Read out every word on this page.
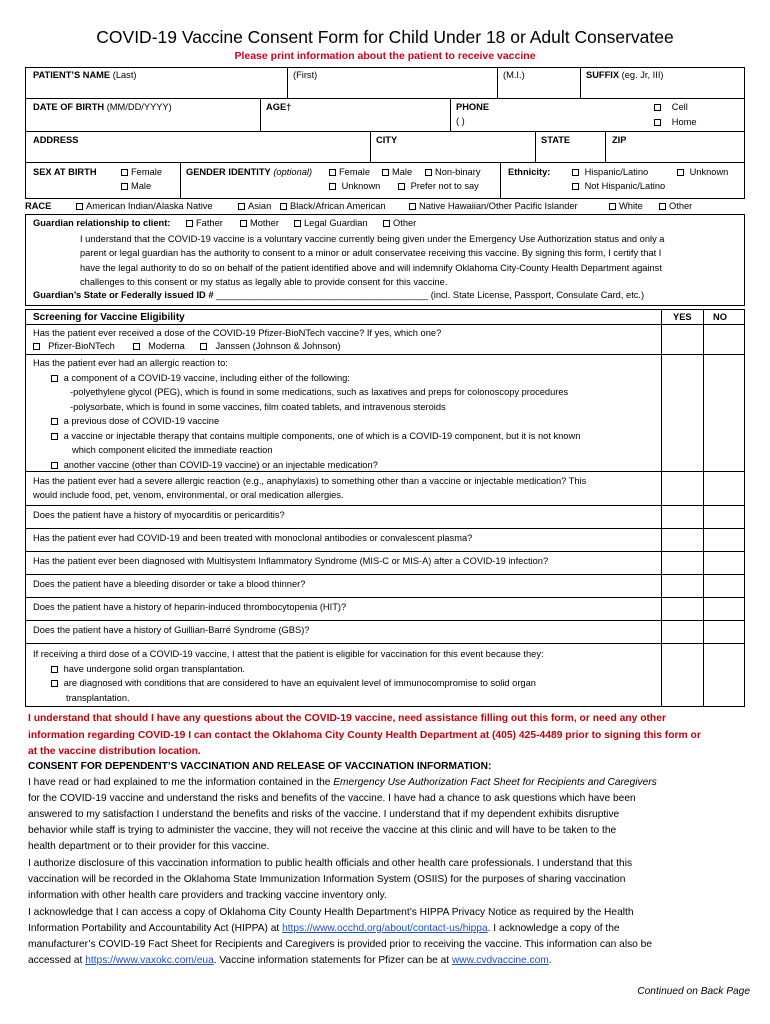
COVID-19 Vaccine Consent Form for Child Under 18 or Adult Conservatee
Please print information about the patient to receive vaccine
PATIENT’S NAME (Last)	(First)	(M.I.)	SUFFIX (eg. Jr, III)
DATE OF BIRTH (MM/DD/YYYY)	AGE†	PHONE
( )
Cell
Home
ADDRESS	CITY	STATE	ZIP
SEX AT BIRTH	Female
Male
GENDER IDENTITY (optional)	Female	Male	Non-binary
Unknown	Prefer not to say
Ethnicity:	Hispanic/Latino	Unknown
Not Hispanic/Latino
RACE	American Indian/Alaska Native	Asian	Black/African American	Native Hawaiian/Other Pacific Islander	White	Other
Guardian relationship to client:	Father	Mother	Legal Guardian	Other
I understand that the COVID-19 vaccine is a voluntary vaccine currently being given under the Emergency Use Authorization status and only a
parent or legal guardian has the authority to consent to a minor or adult conservatee receiving this vaccine. By signing this form, I certify that I
have the legal authority to do so on behalf of the patient identified above and will indemnify Oklahoma City-County Health Department against
challenges to this consent or my status as legally able to provide consent for this vaccine.
Guardian’s State or Federally issued ID # _________________________________________ (incl. State License, Passport, Consulate Card, etc.)
Screening for Vaccine Eligibility	YES NO
Has the patient ever received a dose of the COVID-19 Pfizer-BioNTech vaccine? If yes, which one?
Pfizer-BioNTech	Moderna	Janssen (Johnson & Johnson)
Has the patient ever had an allergic reaction to:
a component of a COVID-19 vaccine, including either of the following:
-polyethylene glycol (PEG), which is found in some medications, such as laxatives and preps for colonoscopy procedures
-polysorbate, which is found in some vaccines, film coated tablets, and intravenous steroids
a previous dose of COVID-19 vaccine
a vaccine or injectable therapy that contains multiple components, one of which is a COVID-19 component, but it is not known
which component elicited the immediate reaction
another vaccine (other than COVID-19 vaccine) or an injectable medication?
Has the patient ever had a severe allergic reaction (e.g., anaphylaxis) to something other than a vaccine or injectable medication? This
would include food, pet, venom, environmental, or oral medication allergies.
Does the patient have a history of myocarditis or pericarditis?
Has the patient ever had COVID-19 and been treated with monoclonal antibodies or convalescent plasma?
Has the patient ever been diagnosed with Multisystem Inflammatory Syndrome (MIS-C or MIS-A) after a COVID-19 infection?
Does the patient have a bleeding disorder or take a blood thinner?
Does the patient have a history of heparin-induced thrombocytopenia (HIT)?
Does the patient have a history of Guillian-Barré Syndrome (GBS)?
If receiving a third dose of a COVID-19 vaccine, I attest that the patient is eligible for vaccination for this event because they:
have undergone solid organ transplantation.
are diagnosed with conditions that are considered to have an equivalent level of immunocompromise to solid organ
transplantation.
I understand that should I have any questions about the COVID-19 vaccine, need assistance filling out this form, or need any other
information regarding COVID-19 I can contact the Oklahoma City County Health Department at (405) 425-4489 prior to signing this form or
at the vaccine distribution location.
CONSENT FOR DEPENDENT’S VACCINATION AND RELEASE OF VACCINATION INFORMATION:
I have read or had explained to me the information contained in the Emergency Use Authorization Fact Sheet for Recipients and Caregivers
for the COVID-19 vaccine and understand the risks and benefits of the vaccine. I have had a chance to ask questions which have been
answered to my satisfaction I understand the benefits and risks of the vaccine. I understand that if my dependent exhibits disruptive
behavior while staff is trying to administer the vaccine, they will not receive the vaccine at this clinic and will have to be taken to the
health department or to their provider for this vaccine.
I authorize disclosure of this vaccination information to public health officials and other health care professionals. I understand that this
vaccination will be recorded in the Oklahoma State Immunization Information System (OSIIS) for the purposes of sharing vaccination
information with other health care providers and tracking vaccine inventory only.
I acknowledge that I can access a copy of Oklahoma City County Health Department’s HIPPA Privacy Notice as required by the Health
Information Portability and Accountability Act (HIPPA) at https://www.occhd.org/about/contact-us/hippa. I acknowledge a copy of the
manufacturer’s COVID-19 Fact Sheet for Recipients and Caregivers is provided prior to receiving the vaccine. This information can also be
accessed at https://www.vaxokc.com/eua. Vaccine information statements for Pfizer can be at www.cvdvaccine.com.
Continued on Back Page
